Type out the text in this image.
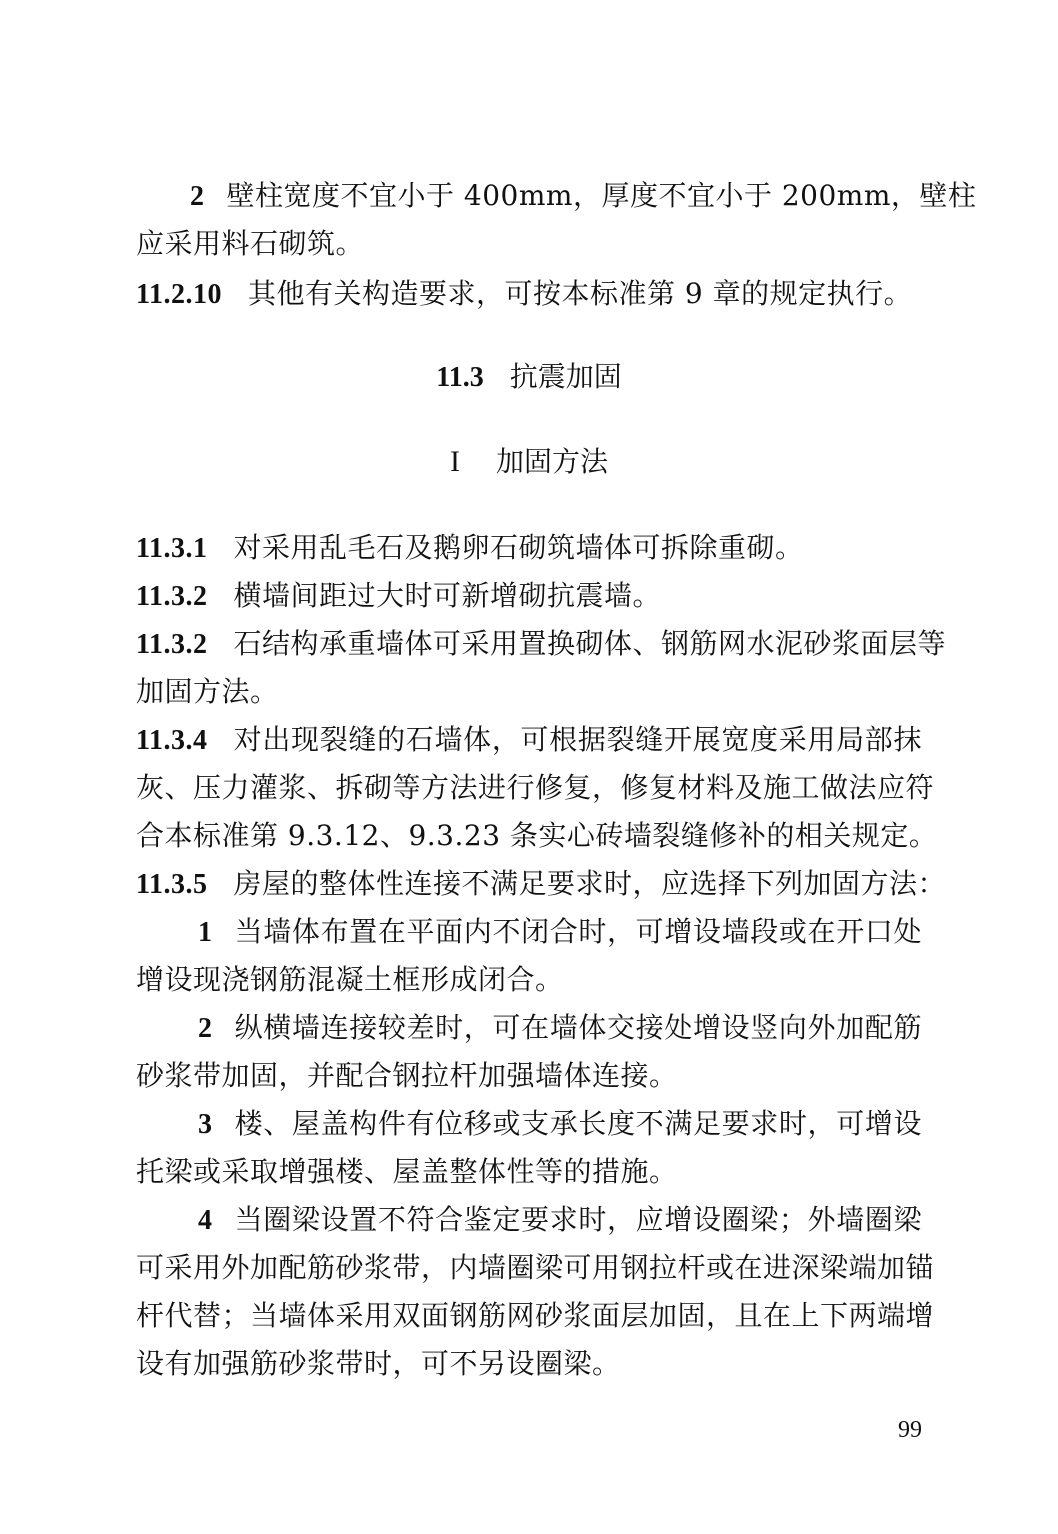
2 壁柱宽度不宜小于 400mm，厚度不宜小于 200mm，壁柱
应采用料石砌筑。
11.2.10 其他有关构造要求，可按本标准第 9 章的规定执行。
11.3 抗震加固
I 加固方法
11.3.1 对采用乱毛石及鹅卵石砌筑墙体可拆除重砌。
11.3.2 横墙间距过大时可新增砌抗震墙。
11.3.2 石结构承重墙体可采用置换砌体、钢筋网水泥砂浆面层等
加固方法。
11.3.4 对出现裂缝的石墙体，可根据裂缝开展宽度采用局部抹
灰、压力灌浆、拆砌等方法进行修复，修复材料及施工做法应符
合本标准第 9.3.12、9.3.23 条实心砖墙裂缝修补的相关规定。
11.3.5 房屋的整体性连接不满足要求时，应选择下列加固方法：
1 当墙体布置在平面内不闭合时，可增设墙段或在开口处
增设现浇钢筋混凝土框形成闭合。
2 纵横墙连接较差时，可在墙体交接处增设竖向外加配筋
砂浆带加固，并配合钢拉杆加强墙体连接。
3 楼、屋盖构件有位移或支承长度不满足要求时，可增设
托梁或采取增强楼、屋盖整体性等的措施。
4 当圈梁设置不符合鉴定要求时，应增设圈梁；外墙圈梁
可采用外加配筋砂浆带，内墙圈梁可用钢拉杆或在进深梁端加锚
杆代替；当墙体采用双面钢筋网砂浆面层加固，且在上下两端增
设有加强筋砂浆带时，可不另设圈梁。
99
